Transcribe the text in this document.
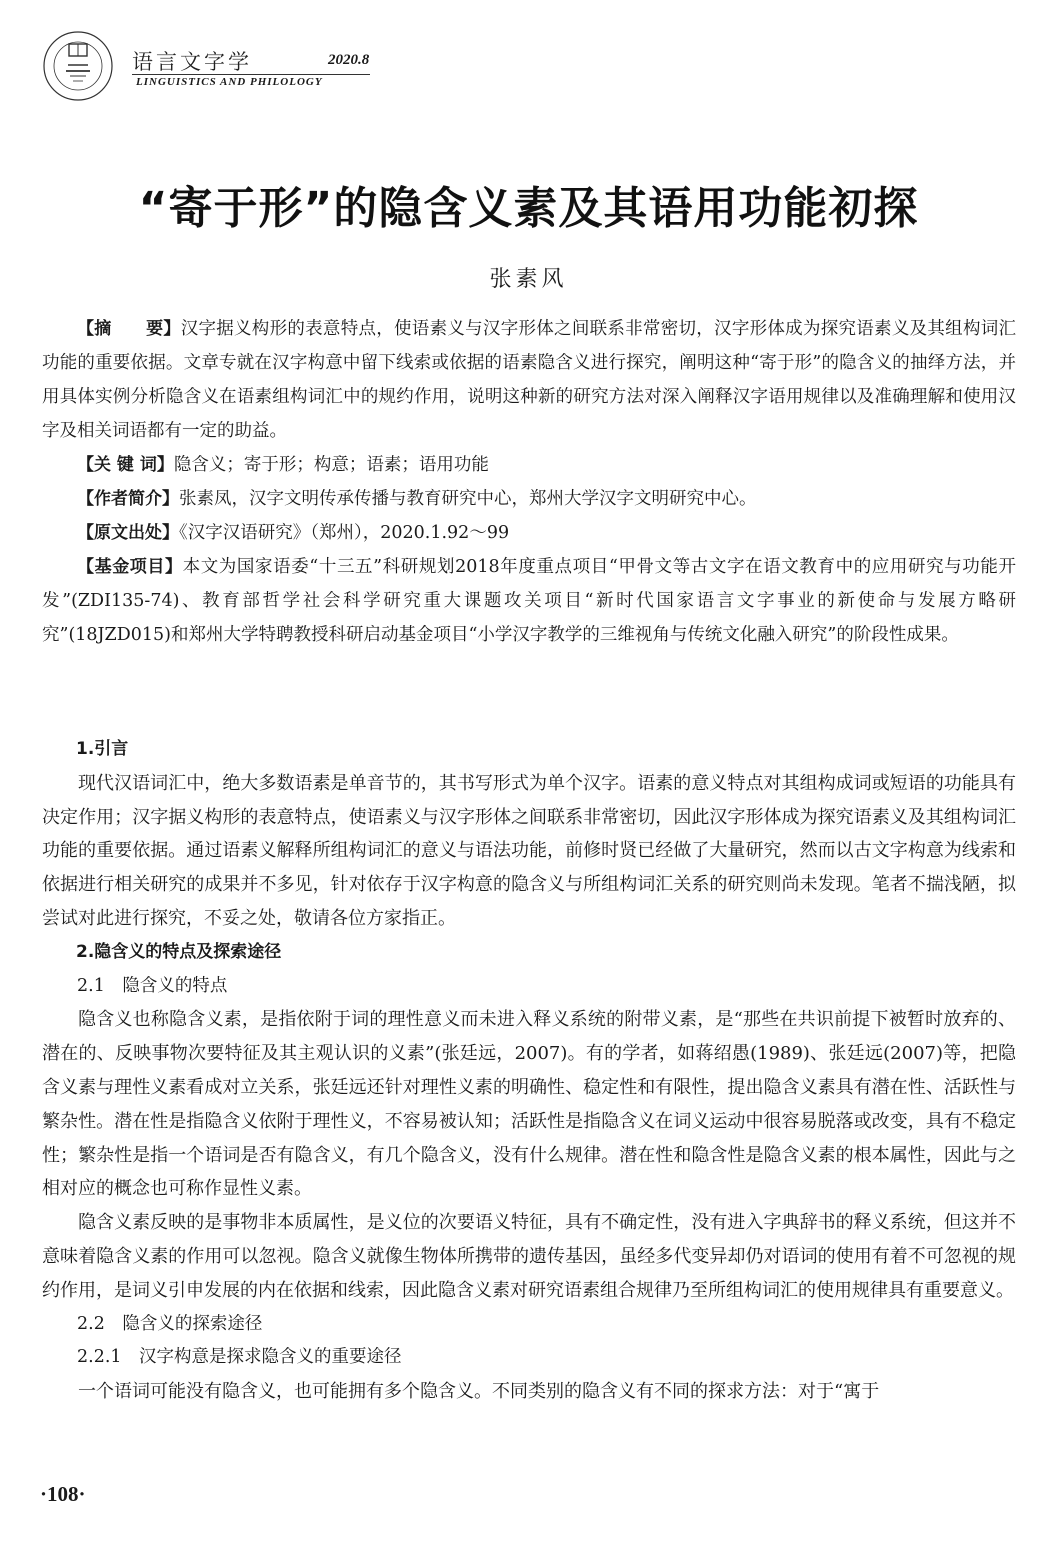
语言文字学	2020.8
LINGUISTICS AND PHILOLOGY
“寄于形”的隐含义素及其语用功能初探
张素风

【摘　　要】汉字据义构形的表意特点，使语素义与汉字形体之间联系非常密切，汉字形体成为探究语素义及其组构词汇功能的重要依据。文章专就在汉字构意中留下线索或依据的语素隐含义进行探究，阐明这种“寄于形”的隐含义的抽绎方法，并用具体实例分析隐含义在语素组构词汇中的规约作用，说明这种新的研究方法对深入阐释汉字语用规律以及准确理解和使用汉字及相关词语都有一定的助益。

【关 键 词】隐含义；寄于形；构意；语素；语用功能

【作者简介】张素凤，汉字文明传承传播与教育研究中心，郑州大学汉字文明研究中心。

【原文出处】《汉字汉语研究》（郑州），2020.1.92～99

【基金项目】本文为国家语委“十三五”科研规划2018年度重点项目“甲骨文等古文字在语文教育中的应用研究与功能开发”(ZDI135-74)、教育部哲学社会科学研究重大课题攻关项目“新时代国家语言文字事业的新使命与发展方略研究”(18JZD015)和郑州大学特聘教授科研启动基金项目“小学汉字教学的三维视角与传统文化融入研究”的阶段性成果。

1.引言

现代汉语词汇中，绝大多数语素是单音节的，其书写形式为单个汉字。语素的意义特点对其组构成词或短语的功能具有决定作用；汉字据义构形的表意特点，使语素义与汉字形体之间联系非常密切，因此汉字形体成为探究语素义及其组构词汇功能的重要依据。通过语素义解释所组构词汇的意义与语法功能，前修时贤已经做了大量研究，然而以古文字构意为线索和依据进行相关研究的成果并不多见，针对依存于汉字构意的隐含义与所组构词汇关系的研究则尚未发现。笔者不揣浅陋，拟尝试对此进行探究，不妥之处，敬请各位方家指正。

2.隐含义的特点及探索途径

2.1　隐含义的特点

隐含义也称隐含义素，是指依附于词的理性意义而未进入释义系统的附带义素，是“那些在共识前提下被暂时放弃的、潜在的、反映事物次要特征及其主观认识的义素”(张廷远，2007)。有的学者，如蒋绍愚(1989)、张廷远(2007)等，把隐含义素与理性义素看成对立关系，张廷远还针对理性义素的明确性、稳定性和有限性，提出隐含义素具有潜在性、活跃性与繁杂性。潜在性是指隐含义依附于理性义，不容易被认知；活跃性是指隐含义在词义运动中很容易脱落或改变，具有不稳定性；繁杂性是指一个语词是否有隐含义，有几个隐含义，没有什么规律。潜在性和隐含性是隐含义素的根本属性，因此与之相对应的概念也可称作显性义素。

隐含义素反映的是事物非本质属性，是义位的次要语义特征，具有不确定性，没有进入字典辞书的释义系统，但这并不意味着隐含义素的作用可以忽视。隐含义就像生物体所携带的遗传基因，虽经多代变异却仍对语词的使用有着不可忽视的规约作用，是词义引申发展的内在依据和线索，因此隐含义素对研究语素组合规律乃至所组构词汇的使用规律具有重要意义。

2.2　隐含义的探索途径

2.2.1　汉字构意是探求隐含义的重要途径

一个语词可能没有隐含义，也可能拥有多个隐含义。不同类别的隐含义有不同的探求方法：对于“寓于

·108·
